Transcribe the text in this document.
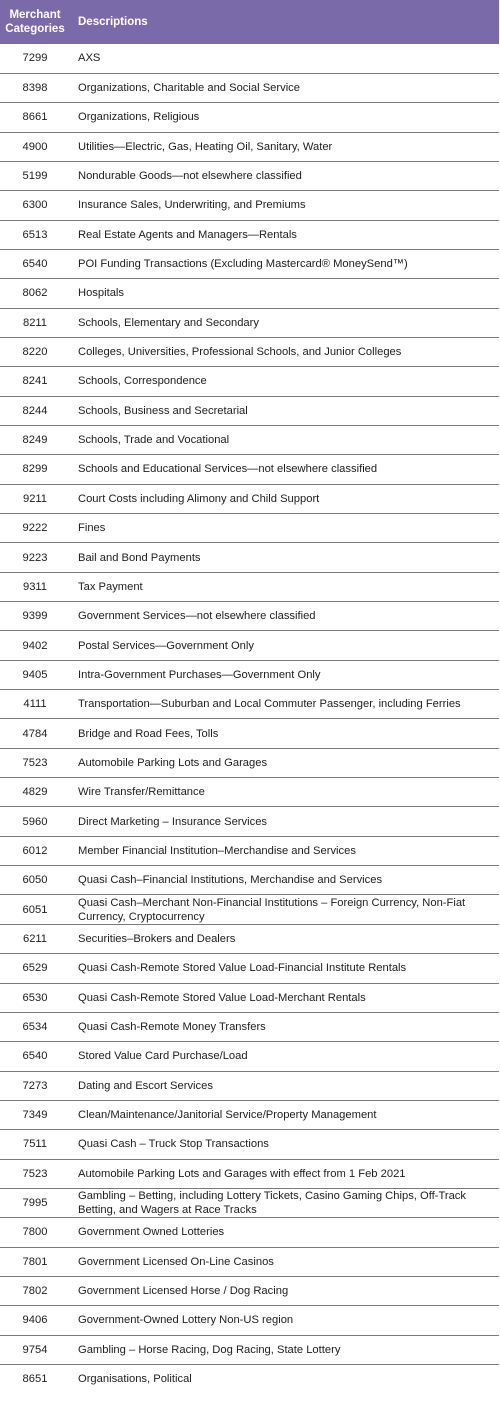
Merchant Categories	Descriptions
7299	AXS
8398	Organizations, Charitable and Social Service
8661	Organizations, Religious
4900	Utilities—Electric, Gas, Heating Oil, Sanitary, Water
5199	Nondurable Goods—not elsewhere classified
6300	Insurance Sales, Underwriting, and Premiums
6513	Real Estate Agents and Managers—Rentals
6540	POI Funding Transactions (Excluding Mastercard® MoneySend™)
8062	Hospitals
8211	Schools, Elementary and Secondary
8220	Colleges, Universities, Professional Schools, and Junior Colleges
8241	Schools, Correspondence
8244	Schools, Business and Secretarial
8249	Schools, Trade and Vocational
8299	Schools and Educational Services—not elsewhere classified
9211	Court Costs including Alimony and Child Support
9222	Fines
9223	Bail and Bond Payments
9311	Tax Payment
9399	Government Services—not elsewhere classified
9402	Postal Services—Government Only
9405	Intra-Government Purchases—Government Only
4111	Transportation—Suburban and Local Commuter Passenger, including Ferries
4784	Bridge and Road Fees, Tolls
7523	Automobile Parking Lots and Garages
4829	Wire Transfer/Remittance
5960	Direct Marketing – Insurance Services
6012	Member Financial Institution–Merchandise and Services
6050	Quasi Cash–Financial Institutions, Merchandise and Services
6051	Quasi Cash–Merchant Non-Financial Institutions – Foreign Currency, Non-Fiat Currency, Cryptocurrency
6211	Securities–Brokers and Dealers
6529	Quasi Cash-Remote Stored Value Load-Financial Institute Rentals
6530	Quasi Cash-Remote Stored Value Load-Merchant Rentals
6534	Quasi Cash-Remote Money Transfers
6540	Stored Value Card Purchase/Load
7273	Dating and Escort Services
7349	Clean/Maintenance/Janitorial Service/Property Management
7511	Quasi Cash – Truck Stop Transactions
7523	Automobile Parking Lots and Garages with effect from 1 Feb 2021
7995	Gambling – Betting, including Lottery Tickets, Casino Gaming Chips, Off-Track Betting, and Wagers at Race Tracks
7800	Government Owned Lotteries
7801	Government Licensed On-Line Casinos
7802	Government Licensed Horse / Dog Racing
9406	Government-Owned Lottery Non-US region
9754	Gambling – Horse Racing, Dog Racing, State Lottery
8651	Organisations, Political
